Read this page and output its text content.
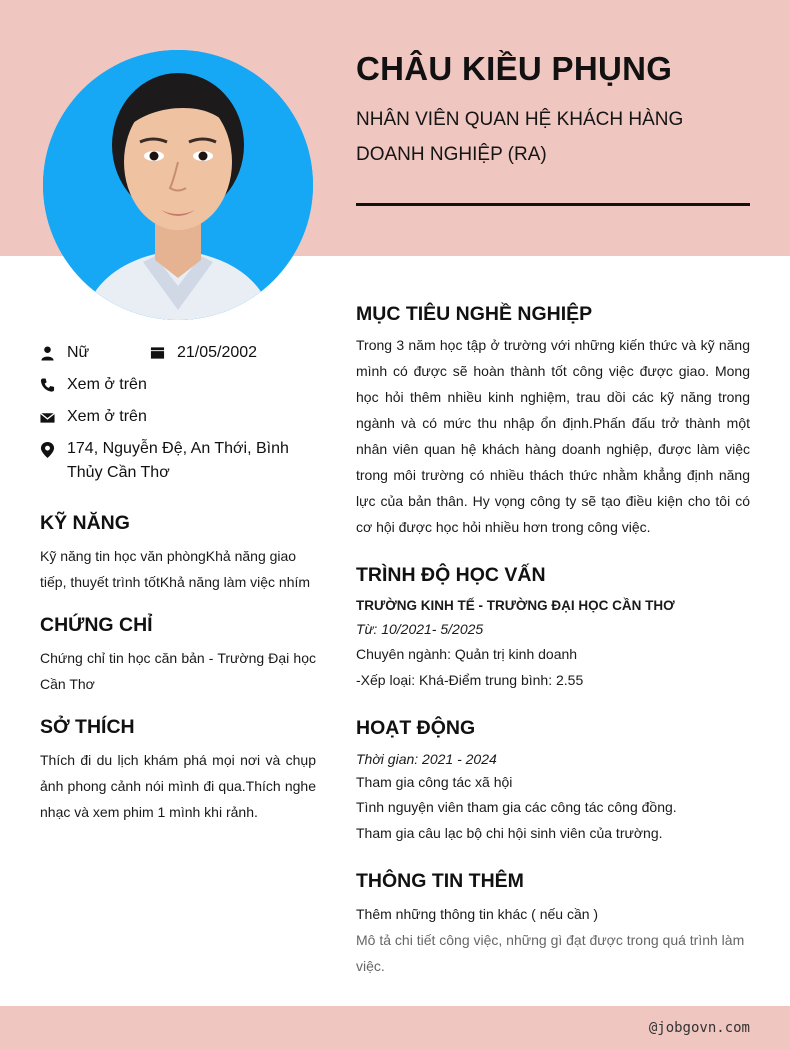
CHÂU KIỀU PHỤNG
NHÂN VIÊN QUAN HỆ KHÁCH HÀNG
DOANH NGHIỆP (RA)
Nữ	21/05/2002
Xem ở trên
Xem ở trên
174, Nguyễn Đệ, An Thới, Bình Thủy Cần Thơ
KỸ NĂNG
Kỹ năng tin học văn phòngKhả năng giao tiếp, thuyết trình tốtKhả năng làm việc nhím
CHỨNG CHỈ
Chứng chỉ tin học căn bản - Trường Đại học Cần Thơ
SỞ THÍCH
Thích đi du lịch khám phá mọi nơi và chụp ảnh phong cảnh nói mình đi qua.Thích nghe nhạc và xem phim 1 mình khi rảnh.
MỤC TIÊU NGHỀ NGHIỆP
Trong 3 năm học tập ở trường với những kiến thức và kỹ năng mình có được sẽ hoàn thành tốt công việc được giao. Mong học hỏi thêm nhiều kinh nghiệm, trau dồi các kỹ năng trong ngành và có mức thu nhập ổn định.Phấn đấu trở thành một nhân viên quan hệ khách hàng doanh nghiệp, được làm việc trong môi trường có nhiều thách thức nhằm khẳng định năng lực của bản thân. Hy vọng công ty sẽ tạo điều kiện cho tôi có cơ hội được học hỏi nhiều hơn trong công việc.
TRÌNH ĐỘ HỌC VẤN
TRƯỜNG KINH TẾ - TRƯỜNG ĐẠI HỌC CẦN THƠ
Từ: 10/2021- 5/2025
Chuyên ngành: Quản trị kinh doanh
-Xếp loại: Khá-Điểm trung bình: 2.55
HOẠT ĐỘNG
Thời gian: 2021 - 2024
Tham gia công tác xã hội
Tình nguyện viên tham gia các công tác công đồng.
Tham gia câu lạc bộ chi hội sinh viên của trường.
THÔNG TIN THÊM
Thêm những thông tin khác ( nếu cần )
Mô tả chi tiết công việc, những gì đạt được trong quá trình làm việc.
@jobgovn.com
